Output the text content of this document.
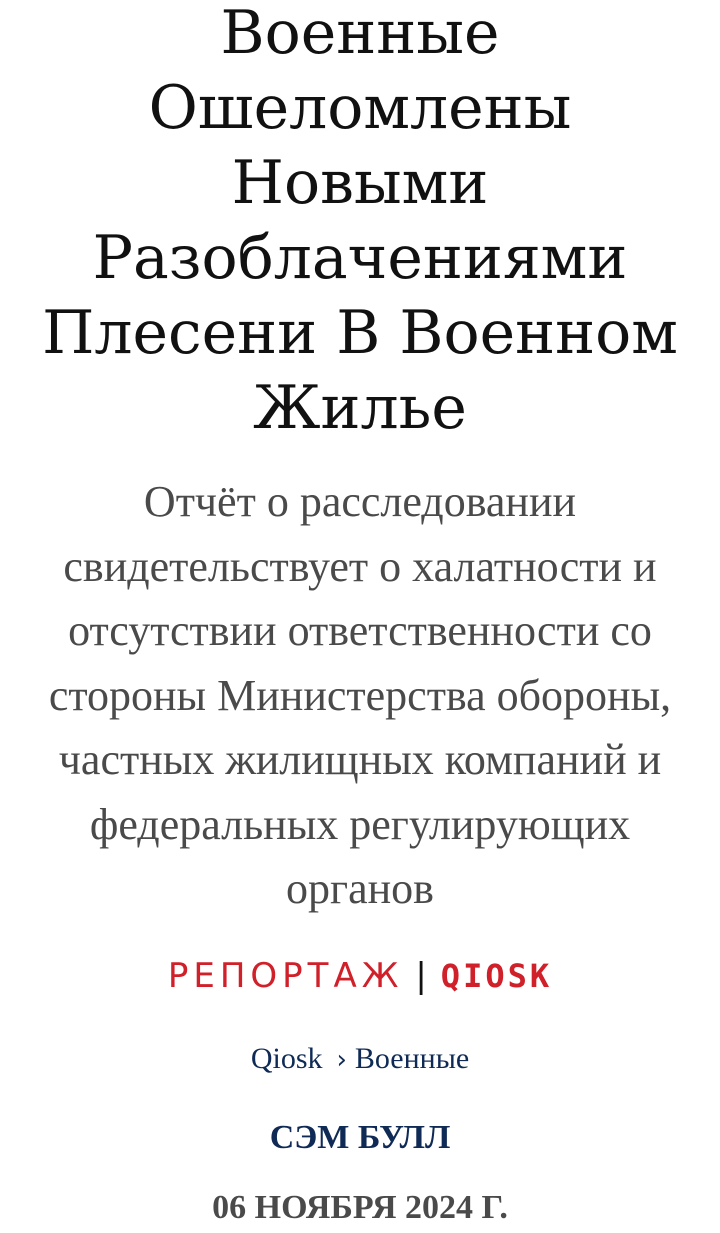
Военные Ошеломлены Новыми Разоблачениями Плесени В Военном Жилье

Отчёт о расследовании свидетельствует о халатности и отсутствии ответственности со стороны Министерства обороны, частных жилищных компаний и федеральных регулирующих органов

РЕПОРТАЖ | QIOSK
Qiosk › Военные
СЭМ БУЛЛ
06 НОЯБРЯ 2024 Г.
